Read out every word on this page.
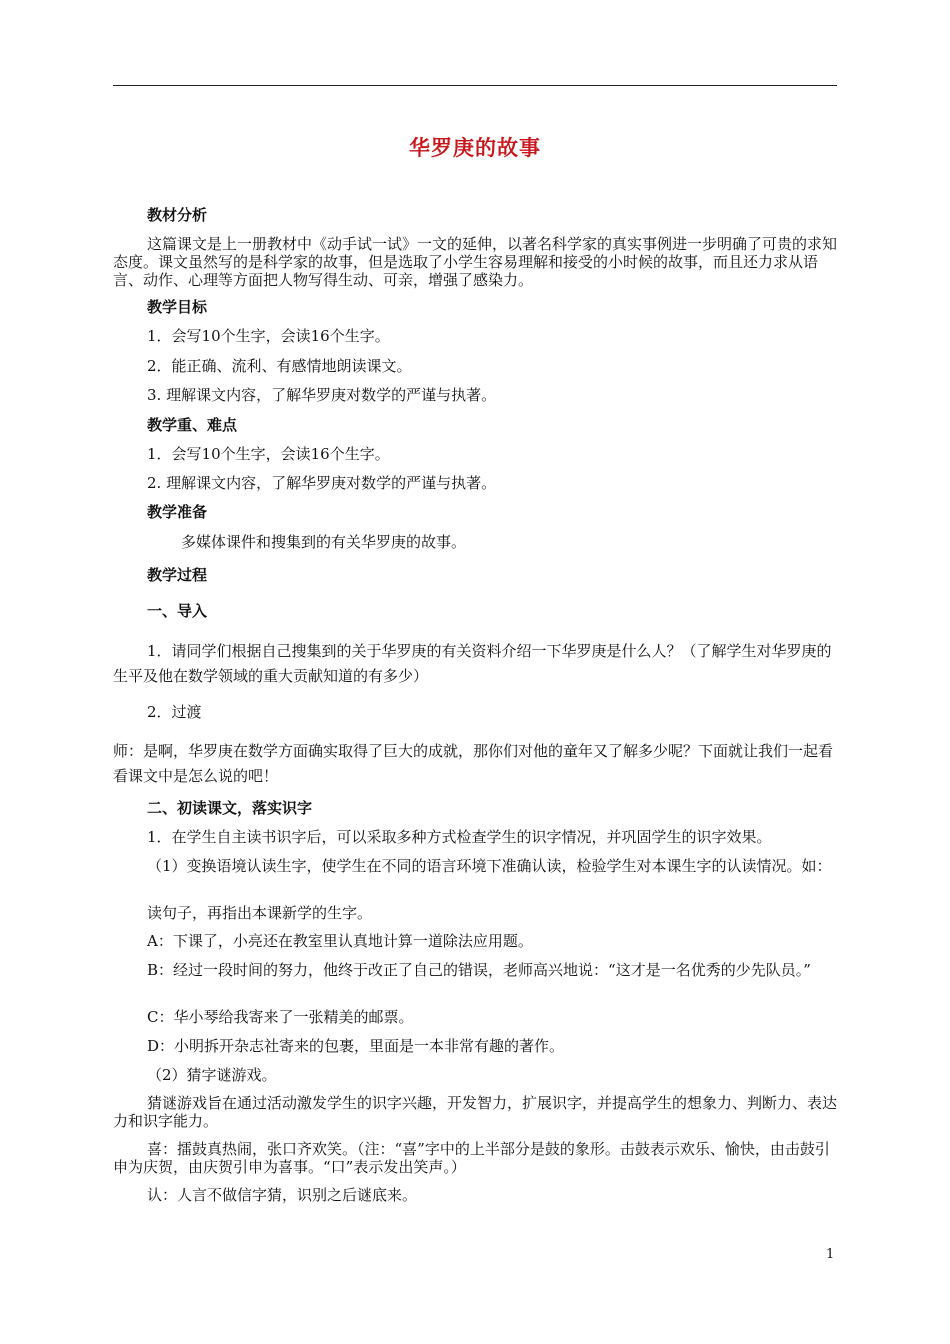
华罗庚的故事
教材分析
这篇课文是上一册教材中《动手试一试》一文的延伸，以著名科学家的真实事例进一步明确了可贵的求知态度。课文虽然写的是科学家的故事，但是选取了小学生容易理解和接受的小时候的故事，而且还力求从语言、动作、心理等方面把人物写得生动、可亲，增强了感染力。
教学目标
1．会写10个生字，会读16个生字。
2．能正确、流利、有感情地朗读课文。
3. 理解课文内容，了解华罗庚对数学的严谨与执著。
教学重、难点
1．会写10个生字，会读16个生字。
2. 理解课文内容，了解华罗庚对数学的严谨与执著。
教学准备
多媒体课件和搜集到的有关华罗庚的故事。
教学过程
一、导入
1．请同学们根据自己搜集到的关于华罗庚的有关资料介绍一下华罗庚是什么人？（了解学生对华罗庚的生平及他在数学领域的重大贡献知道的有多少）
2．过渡
师：是啊，华罗庚在数学方面确实取得了巨大的成就，那你们对他的童年又了解多少呢？下面就让我们一起看看课文中是怎么说的吧！
二、初读课文，落实识字
1．在学生自主读书识字后，可以采取多种方式检查学生的识字情况，并巩固学生的识字效果。
（1）变换语境认读生字，使学生在不同的语言环境下准确认读，检验学生对本课生字的认读情况。如：
读句子，再指出本课新学的生字。
A：下课了，小亮还在教室里认真地计算一道除法应用题。
B：经过一段时间的努力，他终于改正了自己的错误，老师高兴地说：“这才是一名优秀的少先队员。”
C：华小琴给我寄来了一张精美的邮票。
D：小明拆开杂志社寄来的包裹，里面是一本非常有趣的著作。
（2）猜字谜游戏。
猜谜游戏旨在通过活动激发学生的识字兴趣，开发智力，扩展识字，并提高学生的想象力、判断力、表达力和识字能力。
喜：擂鼓真热闹，张口齐欢笑。（注：“喜”字中的上半部分是鼓的象形。击鼓表示欢乐、愉快，由击鼓引申为庆贺，由庆贺引申为喜事。“口”表示发出笑声。）
认：人言不做信字猜，识别之后谜底来。
1
